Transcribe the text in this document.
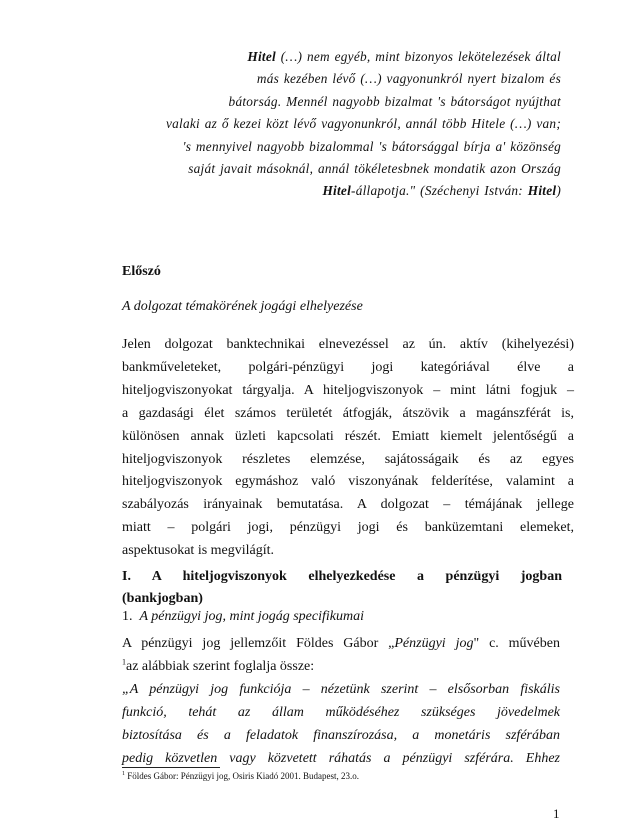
Hitel (…) nem egyéb, mint bizonyos lekötelezések által
más kezében lévő (…) vagyonunkról nyert bizalom és
bátorság. Mennél nagyobb bizalmat 's bátorságot nyújthat
valaki az ő kezei közt lévő vagyonunkról, annál több Hitele (…) van;
's mennyivel nagyobb bizalommal 's bátorsággal bírja a' közönség
saját javait másoknál, annál tökéletesbnek mondatik azon Ország
Hitel-állapotja." (Széchenyi István: Hitel)
Előszó

A dolgozat témakörének jogági elhelyezése

Jelen dolgozat banktechnikai elnevezéssel az ún. aktív (kihelyezési)
bankműveleteket, polgári-pénzügyi jogi kategóriával élve a
hiteljogviszonyokat tárgyalja. A hiteljogviszonyok – mint látni fogjuk –
a gazdasági élet számos területét átfogják, átszövik a magánszférát is,
különösen annak üzleti kapcsolati részét. Emiatt kiemelt jelentőségű a
hiteljogviszonyok részletes elemzése, sajátosságaik és az egyes
hiteljogviszonyok egymáshoz való viszonyának felderítése, valamint a
szabályozás irányainak bemutatása. A dolgozat – témájának jellege
miatt – polgári jogi, pénzügyi jogi és banküzemtani elemeket,
aspektusokat is megvilágít.

I. A hiteljogviszonyok elhelyezkedése a pénzügyi jogban
(bankjogban)

1. A pénzügyi jog, mint jogág specifikumai

A pénzügyi jog jellemzőit Földes Gábor „Pénzügyi jog" c. művében
$^1$az alábbiak szerint foglalja össze:
„A pénzügyi jog funkciója – nézetünk szerint – elsősorban fiskális
funkció, tehát az állam működéséhez szükséges jövedelmek
biztosítása és a feladatok finanszírozása, a monetáris szférában
pedig közvetlen vagy közvetett ráhatás a pénzügyi szférára. Ehhez

$^1$ Földes Gábor: Pénzügyi jog, Osiris Kiadó 2001. Budapest, 23.o.

1
